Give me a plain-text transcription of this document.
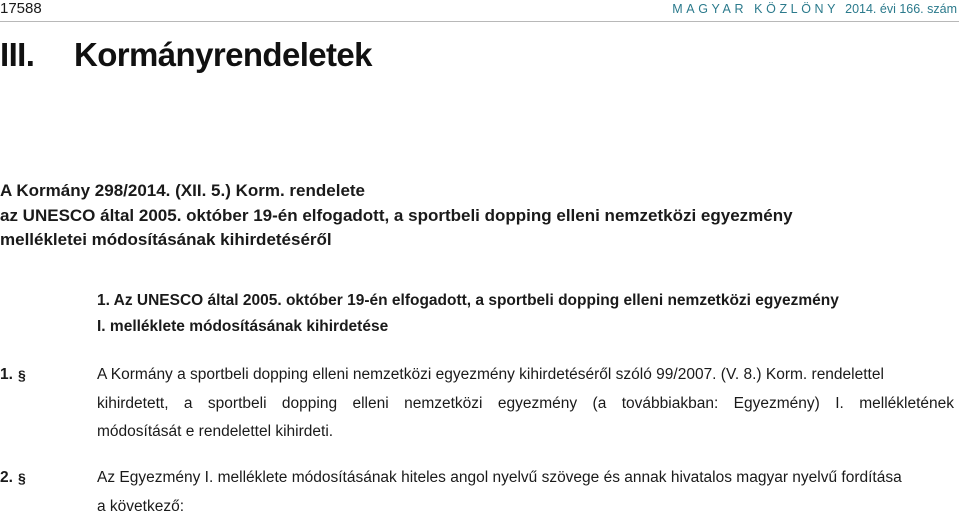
17588	MAGYAR KÖZLÖNY 2014. évi 166. szám
III. Kormányrendeletek
A Kormány 298/2014. (XII. 5.) Korm. rendelete
az UNESCO által 2005. október 19-én elfogadott, a sportbeli dopping elleni nemzetközi egyezmény
mellékletei módosításának kihirdetéséről
1. Az UNESCO által 2005. október 19-én elfogadott, a sportbeli dopping elleni nemzetközi egyezmény
I. melléklete módosításának kihirdetése
1. §	A Kormány a sportbeli dopping elleni nemzetközi egyezmény kihirdetéséről szóló 99/2007. (V. 8.) Korm. rendelettel
kihirdetett, a sportbeli dopping elleni nemzetközi egyezmény (a továbbiakban: Egyezmény) I. mellékletének
módosítását e rendelettel kihirdeti.
2. §	Az Egyezmény I. melléklete módosításának hiteles angol nyelvű szövege és annak hivatalos magyar nyelvű fordítása
a következő:
